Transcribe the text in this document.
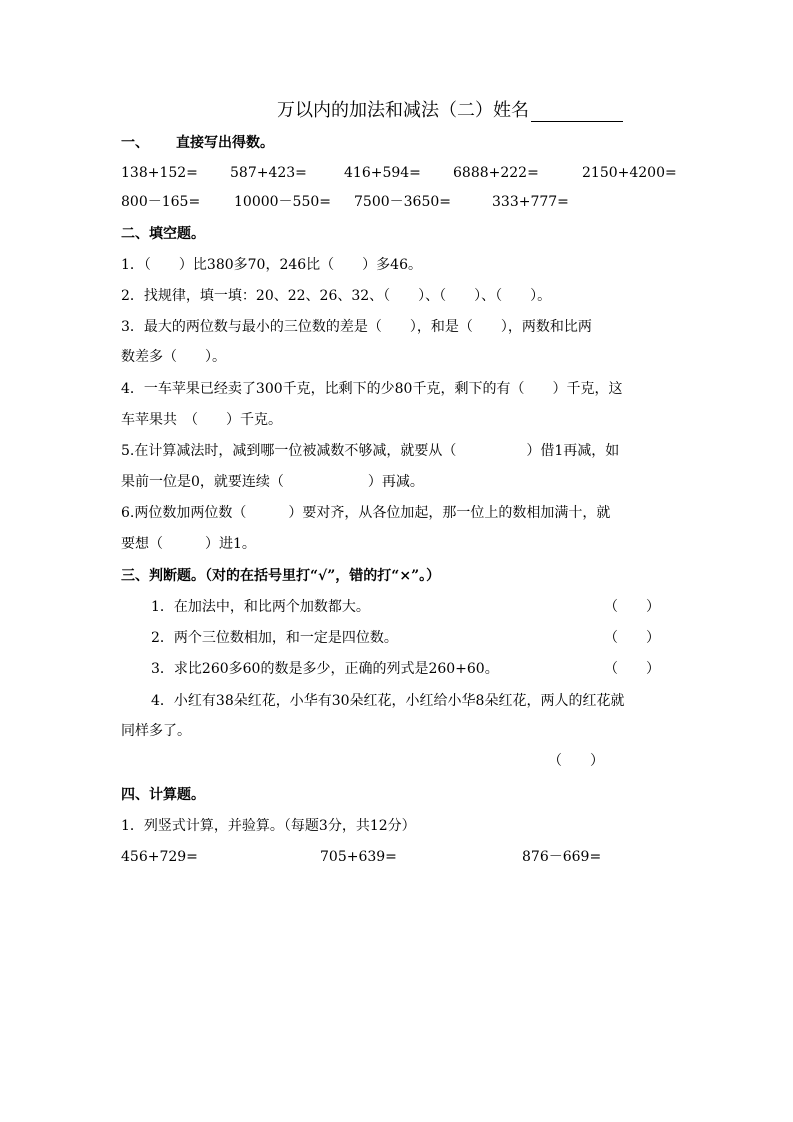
万以内的加法和减法（二）姓名
一、 直接写出得数。
138+152= 587+423=	416+594= 6888+222=	2150+4200=
800－165= 10000－550= 7500－3650=	333+777=
二、填空题。
1．（　　）比380多70，246比（　　）多46。
2．找规律，填一填：20、22、26、32、（　　）、（　　）、（　　）。
3．最大的两位数与最小的三位数的差是（　　），和是（　　），两数和比两
数差多（　　）。
4．一车苹果已经卖了300千克，比剩下的少80千克，剩下的有（　　）千克，这
车苹果共　（　　）千克。
5.在计算减法时，减到哪一位被减数不够减，就要从（　　　　　）借1再减，如
果前一位是0，就要连续（　　　　　　）再减。
6.两位数加两位数（　　　）要对齐，从各位加起，那一位上的数相加满十，就
要想（　　　）进1。
三、判断题。（对的在括号里打“√”，错的打“×”。）
1．在加法中，和比两个加数都大。	（　　）
2．两个三位数相加，和一定是四位数。	（　　）
3．求比260多60的数是多少，正确的列式是260+60。	（　　）
4．小红有38朵红花，小华有30朵红花，小红给小华8朵红花，两人的红花就
同样多了。
（　　）
四、计算题。
1．列竖式计算，并验算。（每题3分，共12分）
456+729=	705+639=	876－669=
